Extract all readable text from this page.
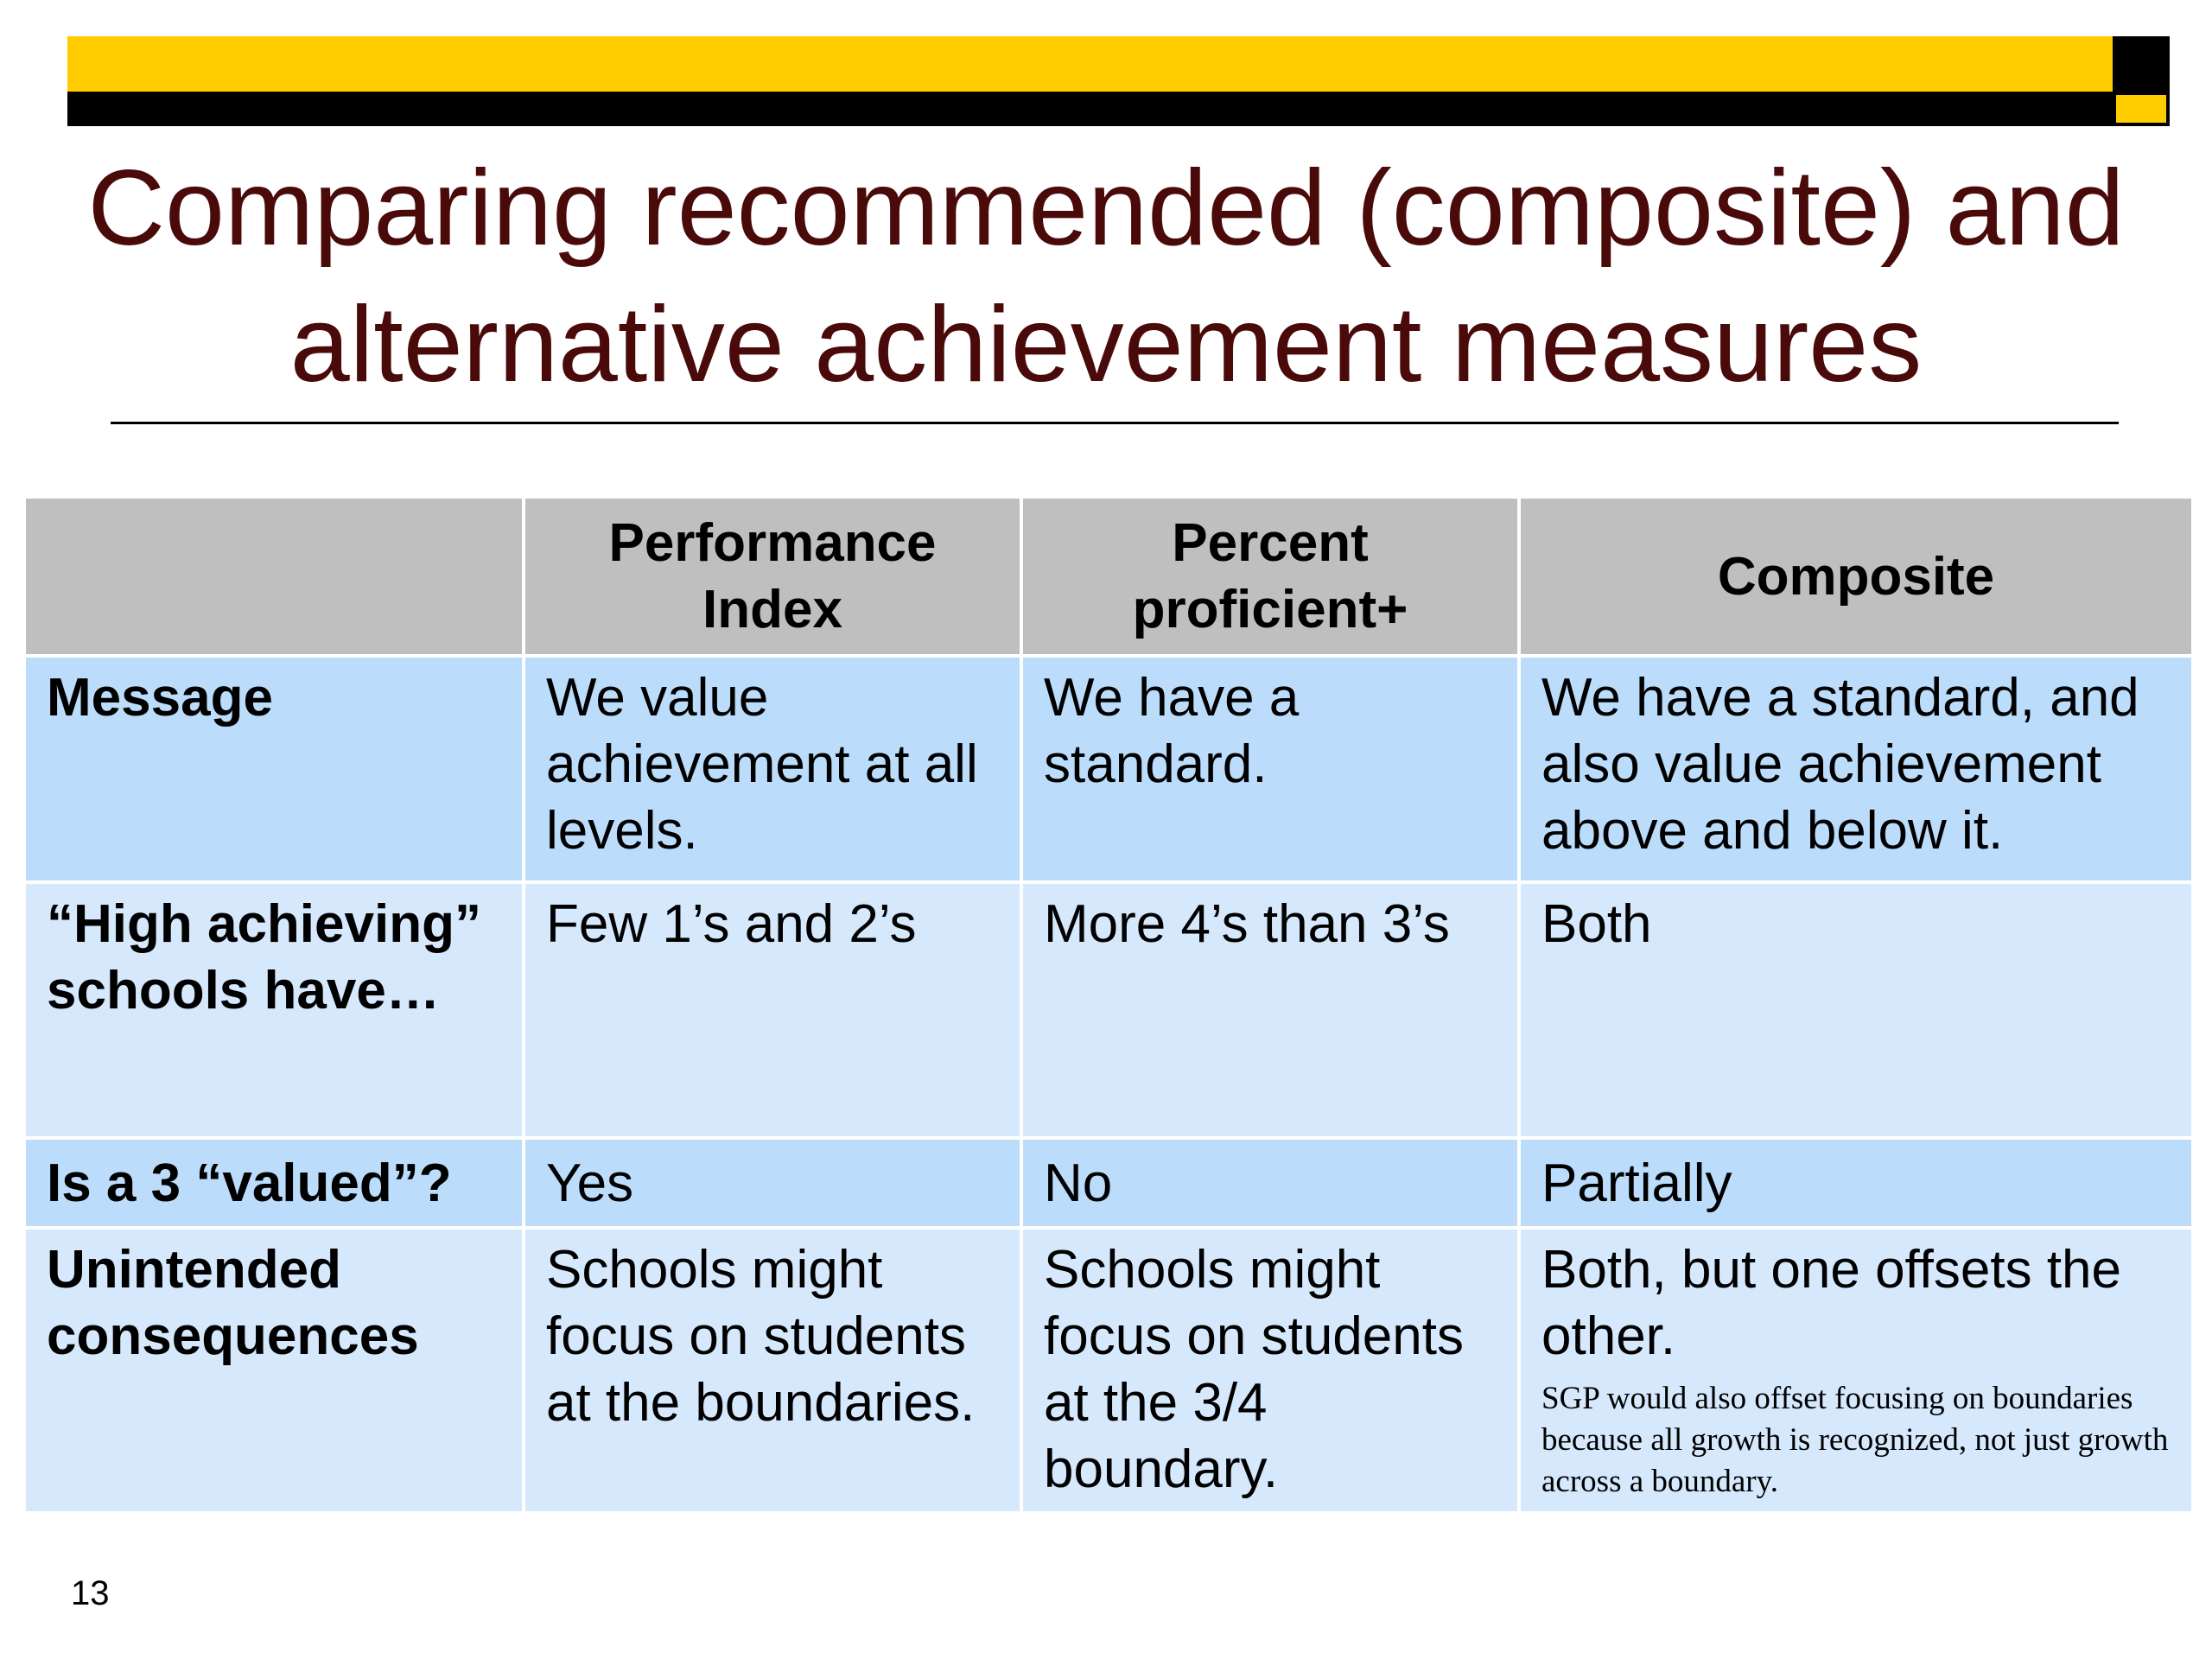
Comparing recommended (composite) and
alternative achievement measures
	Performance Index	Percent proficient+	Composite
Message	We value achievement at all levels.	We have a standard.	We have a standard, and also value achievement above and below it.
“High achieving” schools have…	Few 1’s and 2’s	More 4’s than 3’s	Both
Is a 3 “valued”?	Yes	No	Partially
Unintended consequences	Schools might focus on students at the boundaries.	Schools might focus on students at the 3/4 boundary.	Both, but one offsets the other.
SGP would also offset focusing on boundaries because all growth is recognized, not just growth across a boundary.
13
